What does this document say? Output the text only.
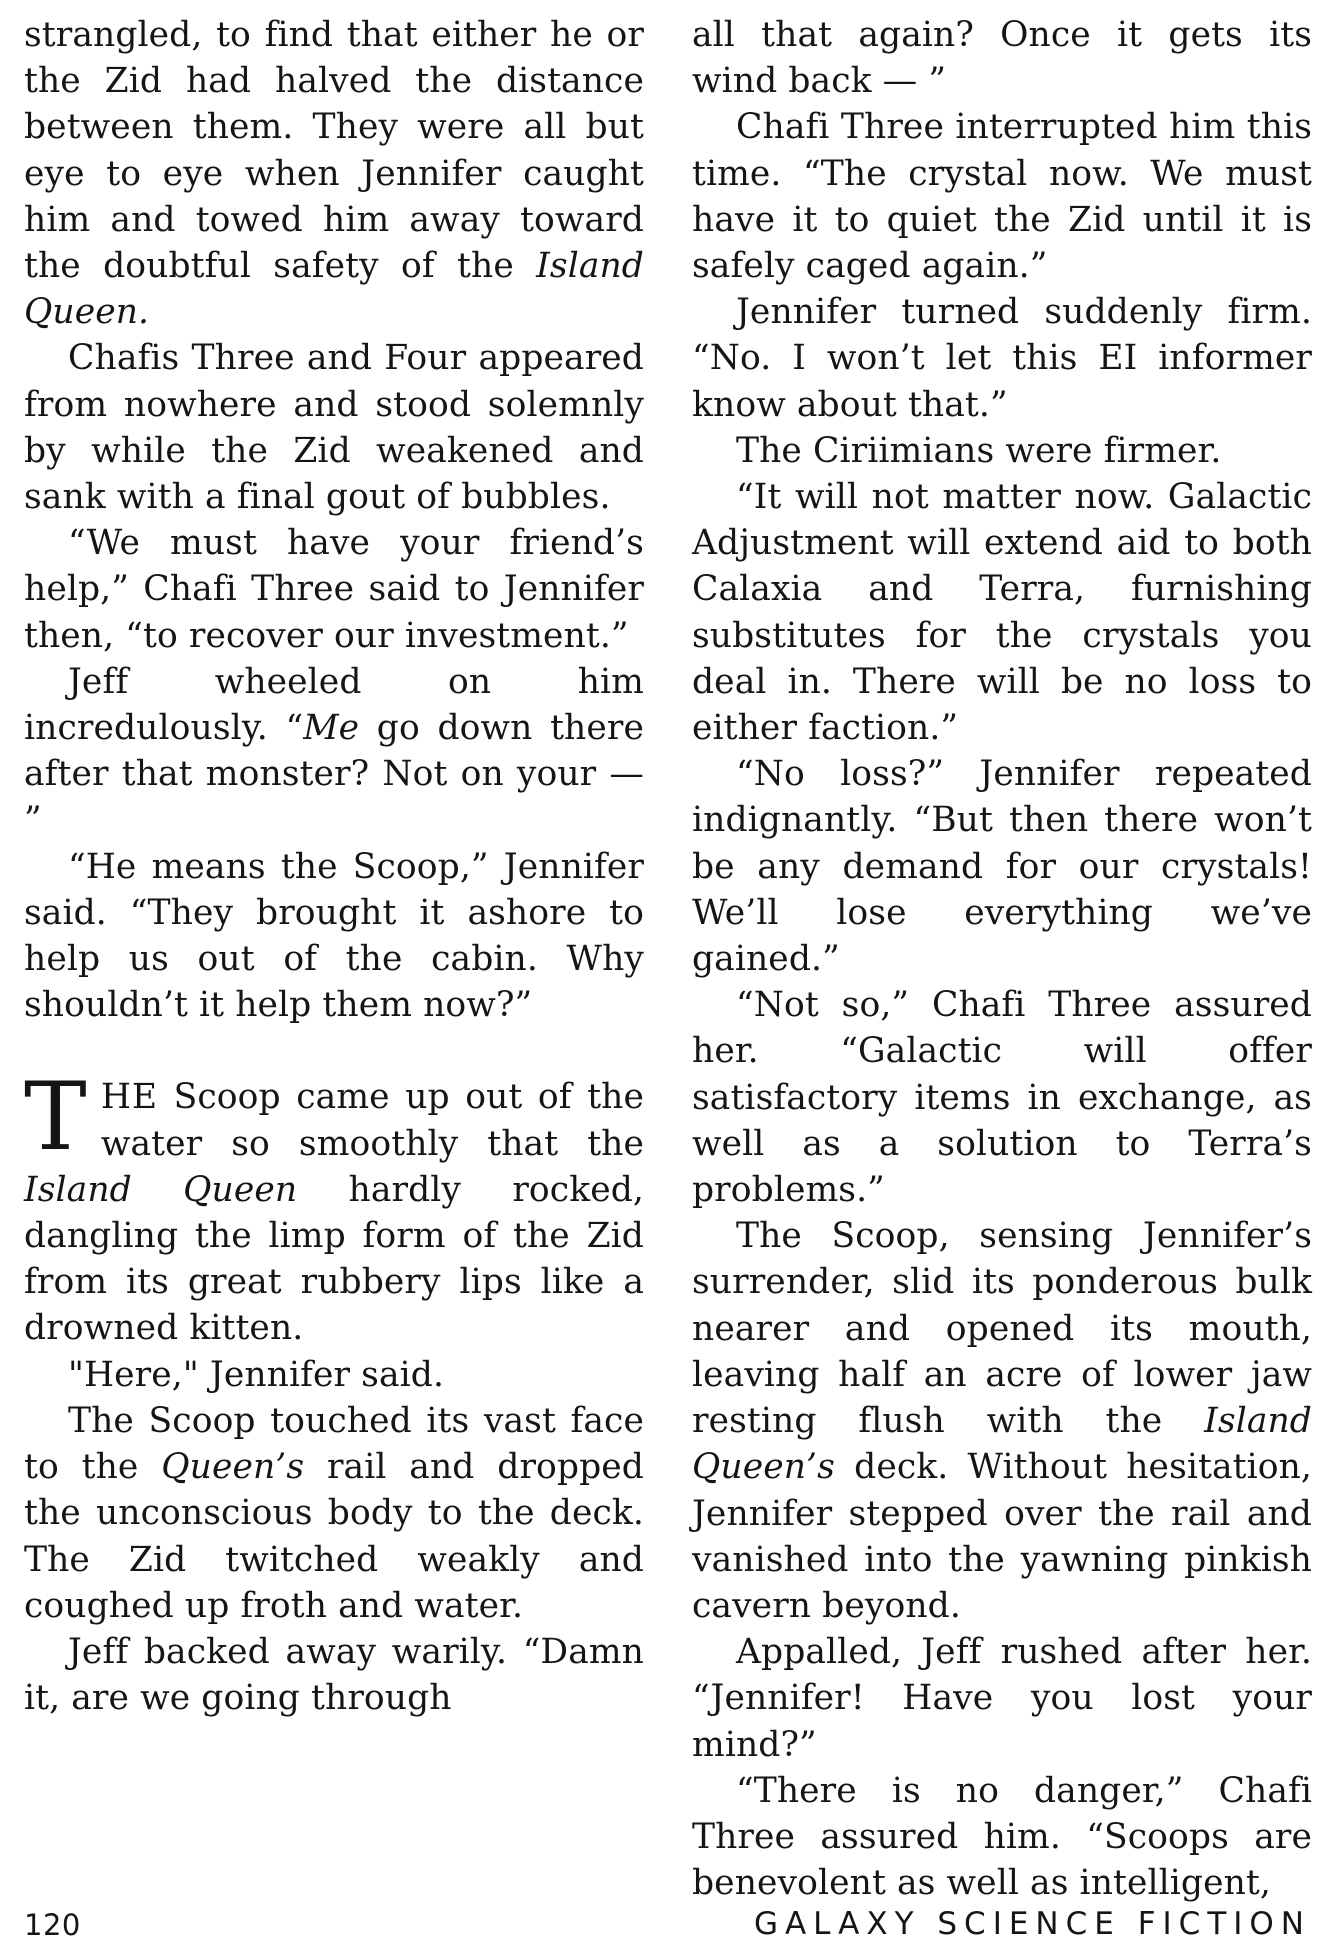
strangled, to find that either he or the Zid had halved the distance between them. They were all but eye to eye when Jennifer caught him and towed him away toward the doubtful safety of the Island Queen.

Chafis Three and Four appeared from nowhere and stood solemnly by while the Zid weakened and sank with a final gout of bubbles.

“We must have your friend’s help,” Chafi Three said to Jennifer then, “to recover our investment.”

Jeff wheeled on him incredulously. “Me go down there after that monster? Not on your — ”

“He means the Scoop,” Jennifer said. “They brought it ashore to help us out of the cabin. Why shouldn’t it help them now?”

THE Scoop came up out of the water so smoothly that the Island Queen hardly rocked, dangling the limp form of the Zid from its great rubbery lips like a drowned kitten.

"Here," Jennifer said.

The Scoop touched its vast face to the Queen’s rail and dropped the unconscious body to the deck. The Zid twitched weakly and coughed up froth and water.

Jeff backed away warily. “Damn it, are we going through

all that again? Once it gets its wind back — ”

Chafi Three interrupted him this time. “The crystal now. We must have it to quiet the Zid until it is safely caged again.”

Jennifer turned suddenly firm. “No. I won’t let this EI informer know about that.”

The Ciriimians were firmer.

“It will not matter now. Galactic Adjustment will extend aid to both Calaxia and Terra, furnishing substitutes for the crystals you deal in. There will be no loss to either faction.”

“No loss?” Jennifer repeated indignantly. “But then there won’t be any demand for our crystals! We’ll lose everything we’ve gained.”

“Not so,” Chafi Three assured her. “Galactic will offer satisfactory items in exchange, as well as a solution to Terra’s problems.”

The Scoop, sensing Jennifer’s surrender, slid its ponderous bulk nearer and opened its mouth, leaving half an acre of lower jaw resting flush with the Island Queen’s deck. Without hesitation, Jennifer stepped over the rail and vanished into the yawning pinkish cavern beyond.

Appalled, Jeff rushed after her. “Jennifer! Have you lost your mind?”

“There is no danger,” Chafi Three assured him. “Scoops are benevolent as well as intelligent,

120	GALAXY SCIENCE FICTION
